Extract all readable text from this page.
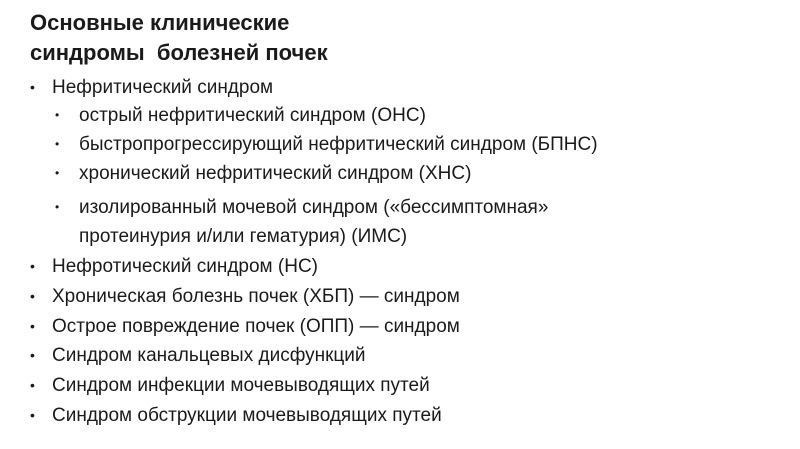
Основные клинические
синдромы  болезней почек
• Нефритический синдром
• острый нефритический синдром (ОНС)
• быстропрогрессирующий нефритический синдром (БПНС)
• хронический нефритический синдром (ХНС)
• изолированный мочевой синдром («бессимптомная»
протеинурия и/или гематурия) (ИМС)
• Нефротический синдром (НС)
• Хроническая болезнь почек (ХБП) — синдром
• Острое повреждение почек (ОПП) — синдром
• Синдром канальцевых дисфункций
• Синдром инфекции мочевыводящих путей
• Синдром обструкции мочевыводящих путей
